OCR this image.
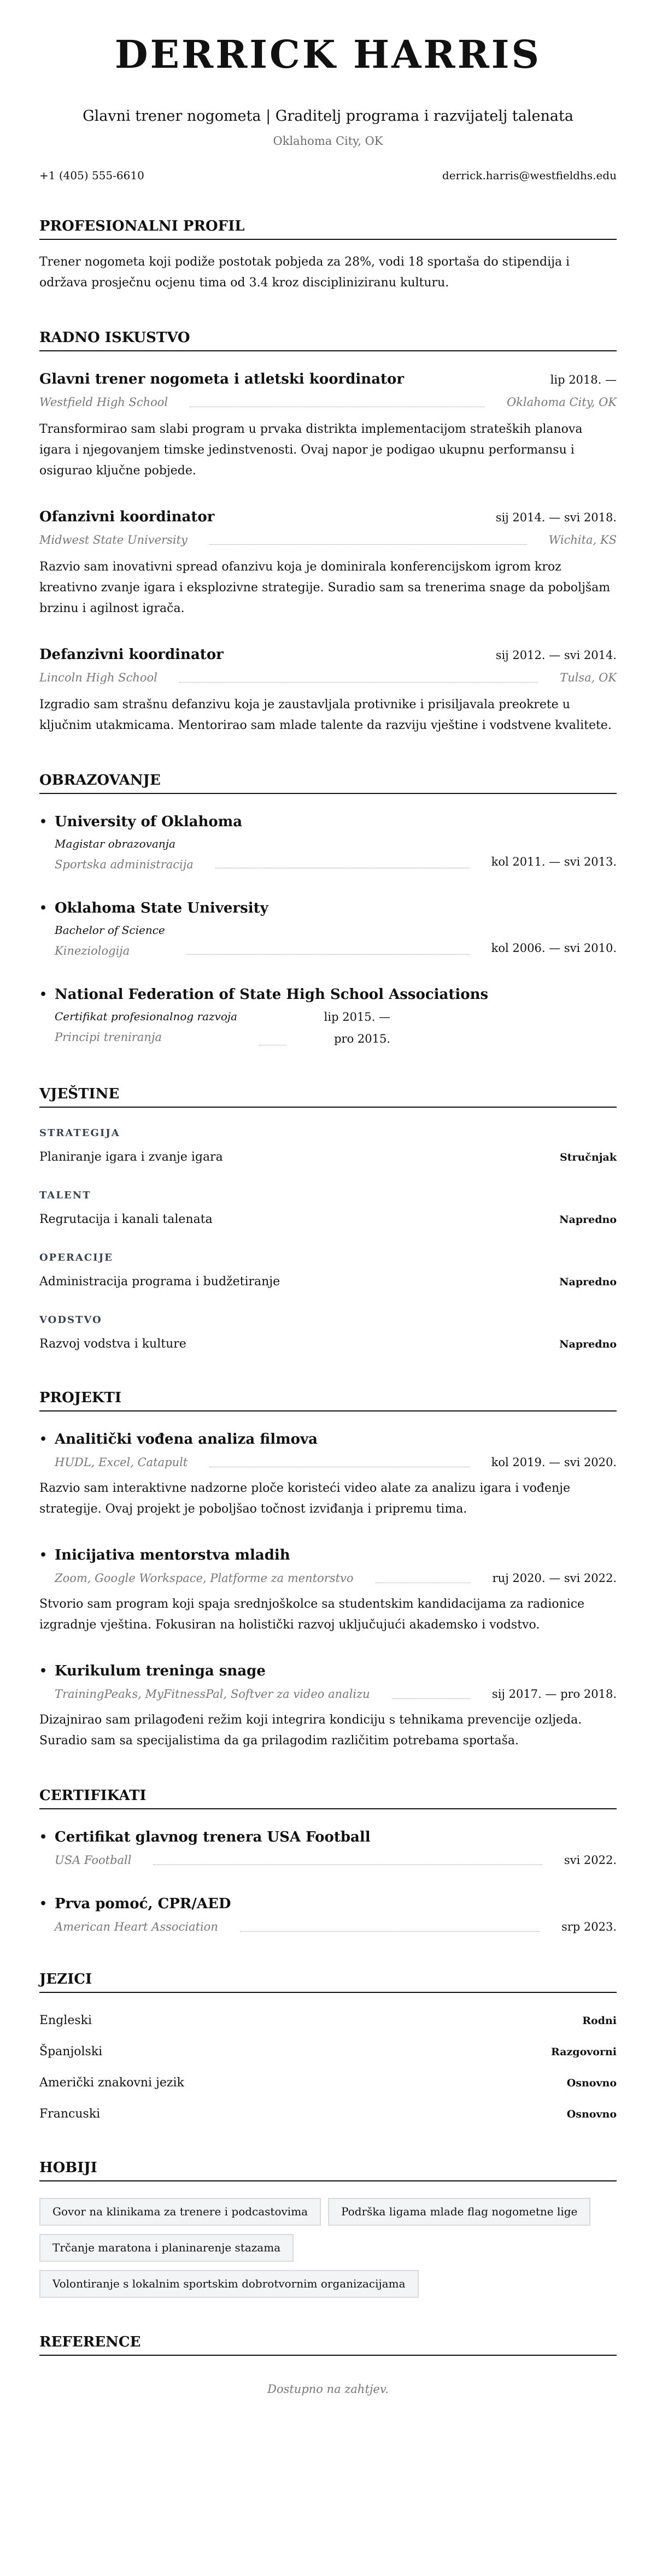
DERRICK HARRIS
Glavni trener nogometa | Graditelj programa i razvijatelj talenata
Oklahoma City, OK
+1 (405) 555-6610	derrick.harris@westfieldhs.edu
PROFESIONALNI PROFIL

Trener nogometa koji podiže postotak pobjeda za 28%, vodi 18 sportaša do stipendija i održava prosječnu ocjenu tima od 3.4 kroz discipliniziranu kulturu.

RADNO ISKUSTVO
Glavni trener nogometa i atletski koordinator	lip 2018. —
Westfield High School	Oklahoma City, OK

Transformirao sam slabi program u prvaka distrikta implementacijom strateških planova igara i njegovanjem timske jedinstvenosti. Ovaj napor je podigao ukupnu performansu i osigurao ključne pobjede.

Ofanzivni koordinator	sij 2014. — svi 2018.
Midwest State University	Wichita, KS

Razvio sam inovativni spread ofanzivu koja je dominirala konferencijskom igrom kroz kreativno zvanje igara i eksplozivne strategije. Suradio sam sa trenerima snage da poboljšam brzinu i agilnost igrača.

Defanzivni koordinator	sij 2012. — svi 2014.
Lincoln High School	Tulsa, OK

Izgradio sam strašnu defanzivu koja je zaustavljala protivnike i prisiljavala preokrete u ključnim utakmicama. Mentorirao sam mlade talente da razviju vještine i vodstvene kvalitete.

OBRAZOVANJE
• University of Oklahoma
Magistar obrazovanja
Sportska administracija	kol 2011. — svi 2013.
• Oklahoma State University
Bachelor of Science
Kineziologija	kol 2006. — svi 2010.
• National Federation of State High School Associations
Certifikat profesionalnog razvoja
Principi treniranja
lip 2015. — pro 2015.
VJEŠTINE
STRATEGIJA
Planiranje igara i zvanje igara	Stručnjak
TALENT
Regrutacija i kanali talenata	Napredno
OPERACIJE
Administracija programa i budžetiranje	Napredno
VODSTVO
Razvoj vodstva i kulture	Napredno
PROJEKTI
• Analitički vođena analiza filmova
HUDL, Excel, Catapult	kol 2019. — svi 2020.

Razvio sam interaktivne nadzorne ploče koristeći video alate za analizu igara i vođenje strategije. Ovaj projekt je poboljšao točnost izviđanja i pripremu tima.

• Inicijativa mentorstva mladih
Zoom, Google Workspace, Platforme za mentorstvo	ruj 2020. — svi 2022.

Stvorio sam program koji spaja srednjoškolce sa studentskim kandidacijama za radionice izgradnje vještina. Fokusiran na holistički razvoj uključujući akademsko i vodstvo.

• Kurikulum treninga snage
TrainingPeaks, MyFitnessPal, Softver za video analizu	sij 2017. — pro 2018.

Dizajnirao sam prilagođeni režim koji integrira kondiciju s tehnikama prevencije ozljeda. Suradio sam sa specijalistima da ga prilagodim različitim potrebama sportaša.

CERTIFIKATI
• Certifikat glavnog trenera USA Football
USA Football	svi 2022.
• Prva pomoć, CPR/AED
American Heart Association	srp 2023.
JEZICI
Engleski	Rodni
Španjolski	Razgovorni
Američki znakovni jezik	Osnovno
Francuski	Osnovno
HOBIJI
Govor na klinikama za trenere i podcastovima	Podrška ligama mlade flag nogometne lige
Trčanje maratona i planinarenje stazama
Volontiranje s lokalnim sportskim dobrotvornim organizacijama
REFERENCE

Dostupno na zahtjev.
